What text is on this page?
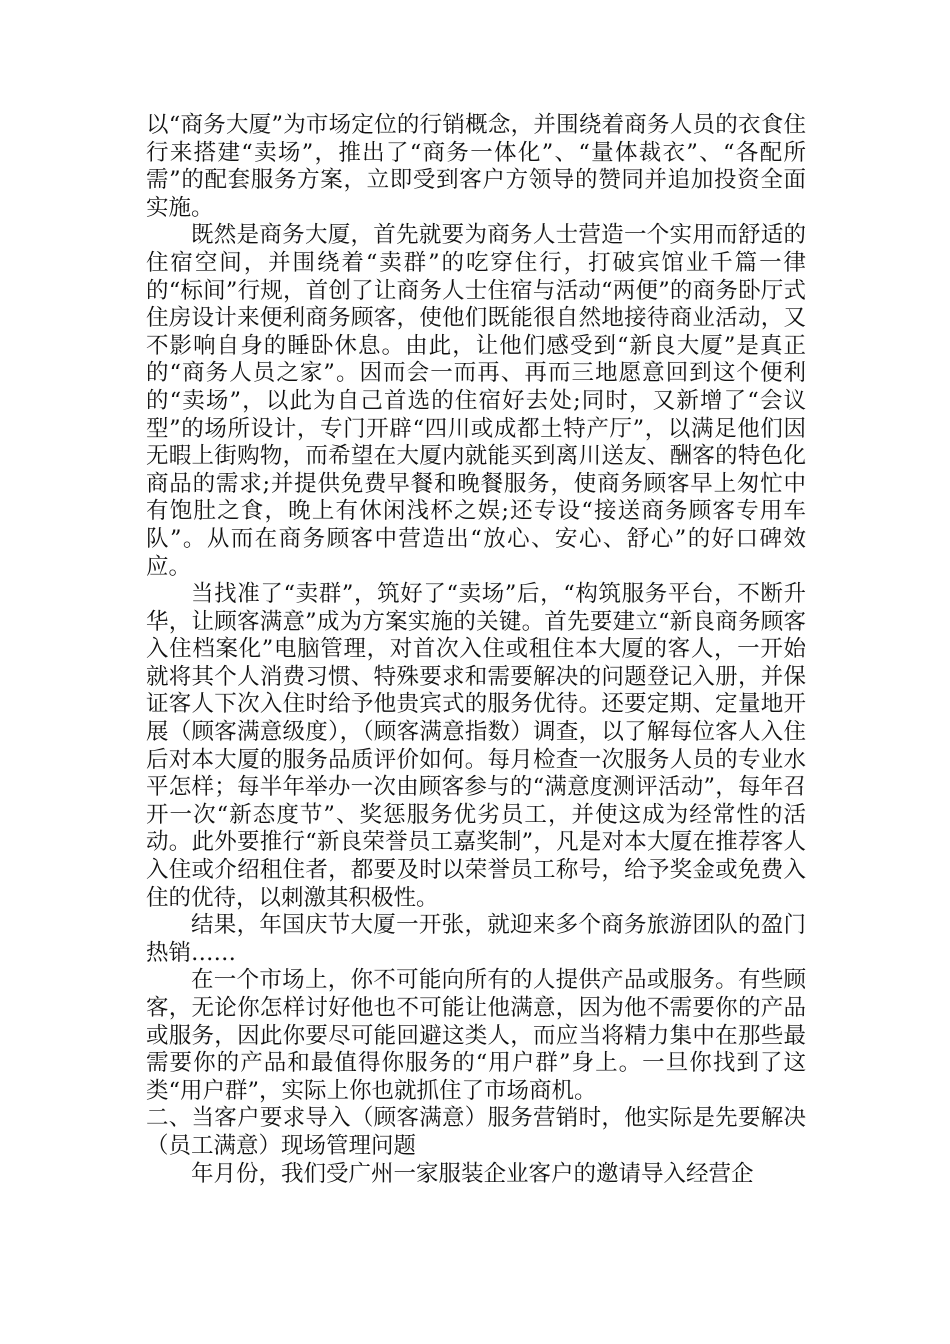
以“商务大厦”为市场定位的行销概念，并围绕着商务人员的衣食住行来搭建“卖场”，推出了“商务一体化”、“量体裁衣”、“各配所需”的配套服务方案，立即受到客户方领导的赞同并追加投资全面实施。

既然是商务大厦，首先就要为商务人士营造一个实用而舒适的住宿空间，并围绕着“卖群”的吃穿住行，打破宾馆业千篇一律的“标间”行规，首创了让商务人士住宿与活动“两便”的商务卧厅式住房设计来便利商务顾客，使他们既能很自然地接待商业活动，又不影响自身的睡卧休息。由此，让他们感受到“新良大厦”是真正的“商务人员之家”。因而会一而再、再而三地愿意回到这个便利的“卖场”，以此为自己首选的住宿好去处;同时，又新增了“会议型”的场所设计，专门开辟“四川或成都土特产厅”，以满足他们因无暇上街购物，而希望在大厦内就能买到离川送友、酬客的特色化商品的需求;并提供免费早餐和晚餐服务，使商务顾客早上匆忙中有饱肚之食，晚上有休闲浅杯之娱;还专设“接送商务顾客专用车队”。从而在商务顾客中营造出“放心、安心、舒心”的好口碑效应。

当找准了“卖群”，筑好了“卖场”后，“构筑服务平台，不断升华，让顾客满意”成为方案实施的关键。首先要建立“新良商务顾客入住档案化”电脑管理，对首次入住或租住本大厦的客人，一开始就将其个人消费习惯、特殊要求和需要解决的问题登记入册，并保证客人下次入住时给予他贵宾式的服务优待。还要定期、定量地开展（顾客满意级度），（顾客满意指数）调查，以了解每位客人入住后对本大厦的服务品质评价如何。每月检查一次服务人员的专业水平怎样；每半年举办一次由顾客参与的“满意度测评活动”，每年召开一次“新态度节”、奖惩服务优劣员工，并使这成为经常性的活动。此外要推行“新良荣誉员工嘉奖制”，凡是对本大厦在推荐客人入住或介绍租住者，都要及时以荣誉员工称号，给予奖金或免费入住的优待，以刺激其积极性。

结果，年国庆节大厦一开张，就迎来多个商务旅游团队的盈门热销……

在一个市场上，你不可能向所有的人提供产品或服务。有些顾客，无论你怎样讨好他也不可能让他满意，因为他不需要你的产品或服务，因此你要尽可能回避这类人，而应当将精力集中在那些最需要你的产品和最值得你服务的“用户群”身上。一旦你找到了这类“用户群”，实际上你也就抓住了市场商机。

二、当客户要求导入（顾客满意）服务营销时，他实际是先要解决（员工满意）现场管理问题

年月份，我们受广州一家服装企业客户的邀请导入经营企
